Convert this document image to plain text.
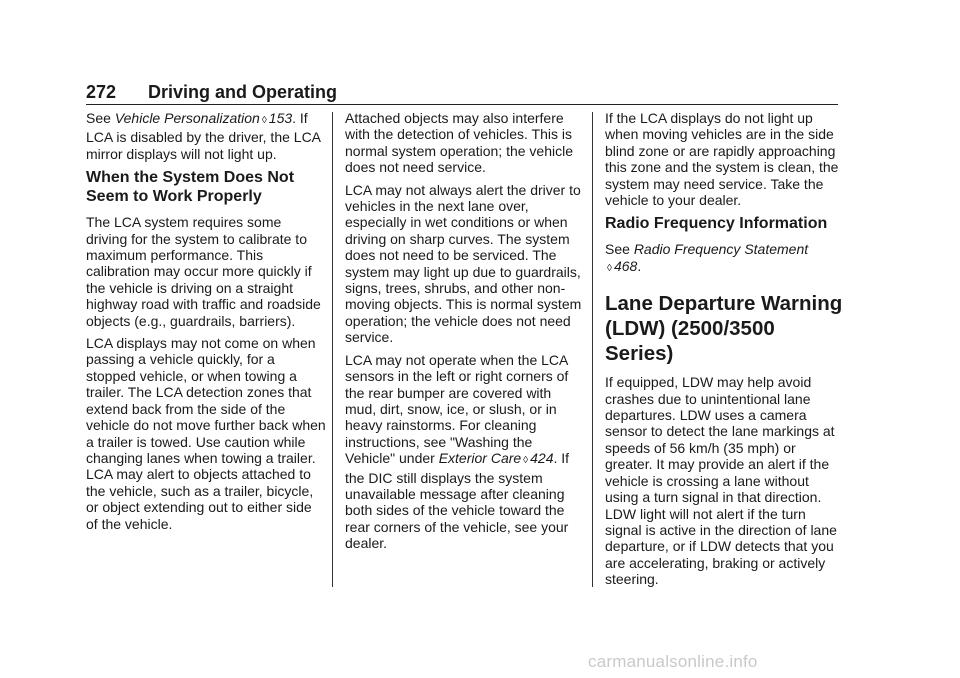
272 Driving and Operating

See Vehicle Personalization ◊ 153. If LCA is disabled by the driver, the LCA mirror displays will not light up.

When the System Does Not Seem to Work Properly

The LCA system requires some driving for the system to calibrate to maximum performance. This calibration may occur more quickly if the vehicle is driving on a straight highway road with traffic and roadside objects (e.g., guardrails, barriers).

LCA displays may not come on when passing a vehicle quickly, for a stopped vehicle, or when towing a trailer. The LCA detection zones that extend back from the side of the vehicle do not move further back when a trailer is towed. Use caution while changing lanes when towing a trailer. LCA may alert to objects attached to the vehicle, such as a trailer, bicycle, or object extending out to either side of the vehicle.

Attached objects may also interfere with the detection of vehicles. This is normal system operation; the vehicle does not need service.

LCA may not always alert the driver to vehicles in the next lane over, especially in wet conditions or when driving on sharp curves. The system does not need to be serviced. The system may light up due to guardrails, signs, trees, shrubs, and other non-moving objects. This is normal system operation; the vehicle does not need service.

LCA may not operate when the LCA sensors in the left or right corners of the rear bumper are covered with mud, dirt, snow, ice, or slush, or in heavy rainstorms. For cleaning instructions, see "Washing the Vehicle" under Exterior Care ◊ 424. If the DIC still displays the system unavailable message after cleaning both sides of the vehicle toward the rear corners of the vehicle, see your dealer.

If the LCA displays do not light up when moving vehicles are in the side blind zone or are rapidly approaching this zone and the system is clean, the system may need service. Take the vehicle to your dealer.

Radio Frequency Information

See Radio Frequency Statement
◊ 468.

Lane Departure Warning (LDW) (2500/3500 Series)

If equipped, LDW may help avoid crashes due to unintentional lane departures. LDW uses a camera sensor to detect the lane markings at speeds of 56 km/h (35 mph) or greater. It may provide an alert if the vehicle is crossing a lane without using a turn signal in that direction. LDW light will not alert if the turn signal is active in the direction of lane departure, or if LDW detects that you are accelerating, braking or actively steering.

carmanualsonline.info
